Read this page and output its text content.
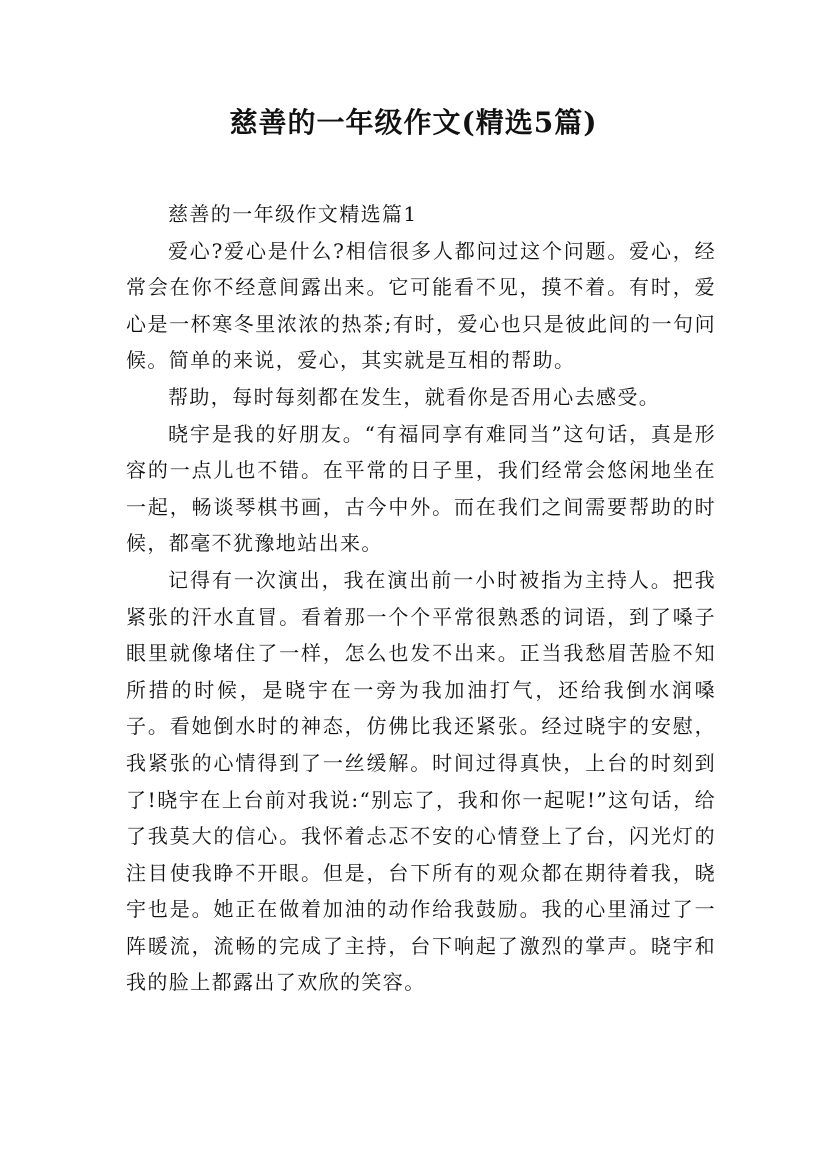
慈善的一年级作文(精选5篇)
慈善的一年级作文精选篇1

爱心?爱心是什么?相信很多人都问过这个问题。爱心，经常会在你不经意间露出来。它可能看不见，摸不着。有时，爱心是一杯寒冬里浓浓的热茶;有时，爱心也只是彼此间的一句问候。简单的来说，爱心，其实就是互相的帮助。

帮助，每时每刻都在发生，就看你是否用心去感受。

晓宇是我的好朋友。“有福同享有难同当”这句话，真是形容的一点儿也不错。在平常的日子里，我们经常会悠闲地坐在一起，畅谈琴棋书画，古今中外。而在我们之间需要帮助的时候，都毫不犹豫地站出来。

记得有一次演出，我在演出前一小时被指为主持人。把我紧张的汗水直冒。看着那一个个平常很熟悉的词语，到了嗓子眼里就像堵住了一样，怎么也发不出来。正当我愁眉苦脸不知所措的时候，是晓宇在一旁为我加油打气，还给我倒水润嗓子。看她倒水时的神态，仿佛比我还紧张。经过晓宇的安慰，我紧张的心情得到了一丝缓解。时间过得真快，上台的时刻到了!晓宇在上台前对我说:“别忘了，我和你一起呢!”这句话，给了我莫大的信心。我怀着忐忑不安的心情登上了台，闪光灯的注目使我睁不开眼。但是，台下所有的观众都在期待着我，晓宇也是。她正在做着加油的动作给我鼓励。我的心里涌过了一阵暖流，流畅的完成了主持，台下响起了激烈的掌声。晓宇和我的脸上都露出了欢欣的笑容。
